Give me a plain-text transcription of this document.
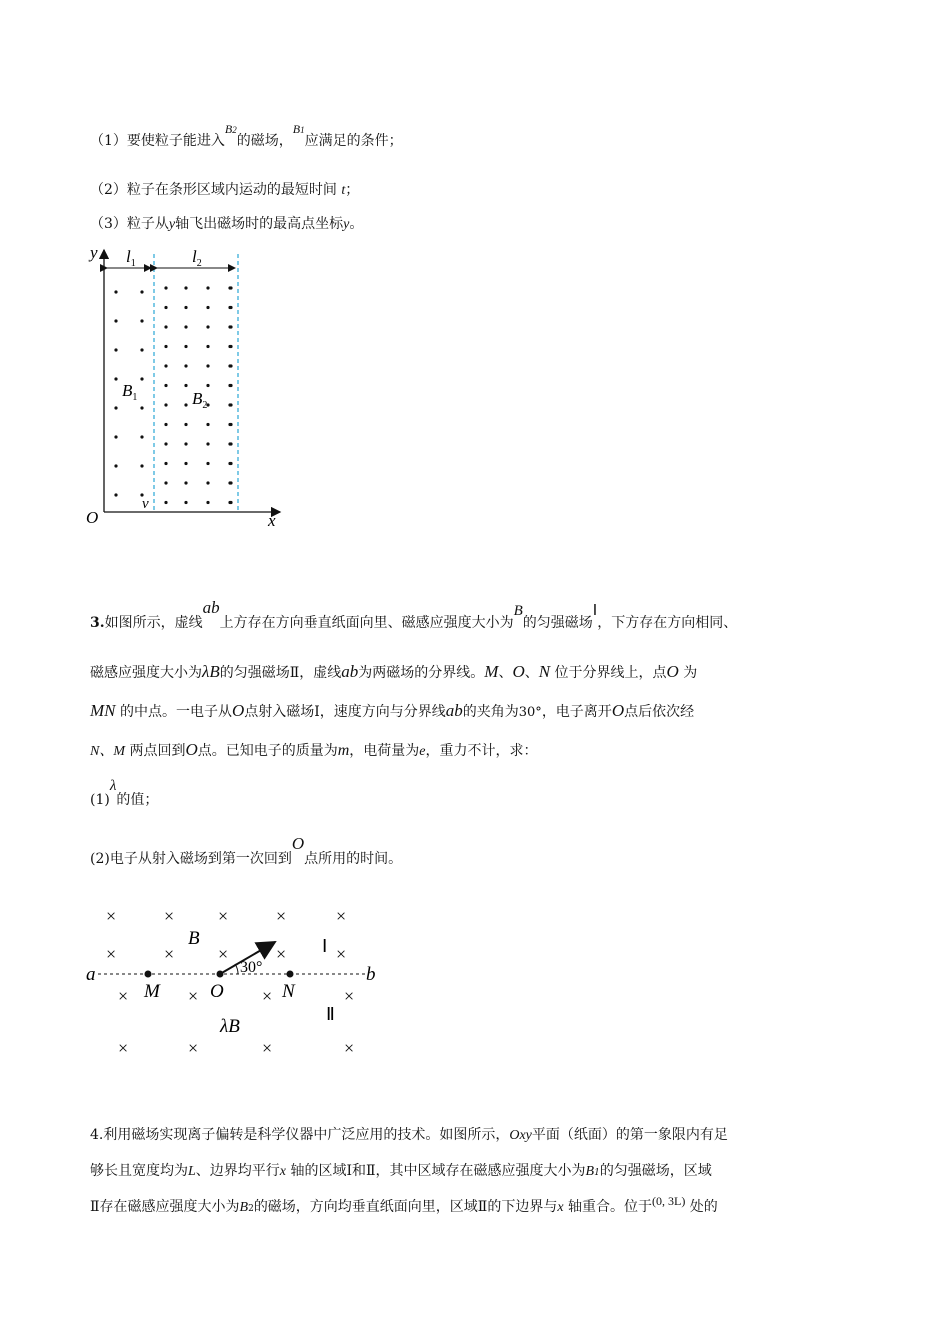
（1）要使粒子能进入B2的磁场，B1应满足的条件；
（2）粒子在条形区域内运动的最短时间 t；
（3）粒子从y轴飞出磁场时的最高点坐标y。
y
x
O
$l_1$	$l_2$
$B_1$	$B_2$
v
3.如图所示，虚线ab上方存在方向垂直纸面向里、磁感应强度大小为B的匀强磁场Ⅰ，下方存在方向相同、
磁感应强度大小为λB的匀强磁场Ⅱ，虚线ab为两磁场的分界线。M、O、N 位于分界线上，点O 为
MN 的中点。一电子从O点射入磁场Ⅰ，速度方向与分界线ab的夹角为30°，电子离开O点后依次经
N、M 两点回到O点。已知电子的质量为m，电荷量为e，重力不计，求：
(1)λ的值；
(2)电子从射入磁场到第一次回到O点所用的时间。
×	× ×	×	×
×	× ×	×	×
×	×	×	×
×	×	×	×
a	b
M	O	N
B
λB
Ⅰ
Ⅱ
30°
4.利用磁场实现离子偏转是科学仪器中广泛应用的技术。如图所示，Oxy平面（纸面）的第一象限内有足
够长且宽度均为L、边界均平行x 轴的区域Ⅰ和Ⅱ，其中区域存在磁感应强度大小为B1的匀强磁场，区域
Ⅱ存在磁感应强度大小为B2的磁场，方向均垂直纸面向里，区域Ⅱ的下边界与x 轴重合。位于(0, 3L) 处的
